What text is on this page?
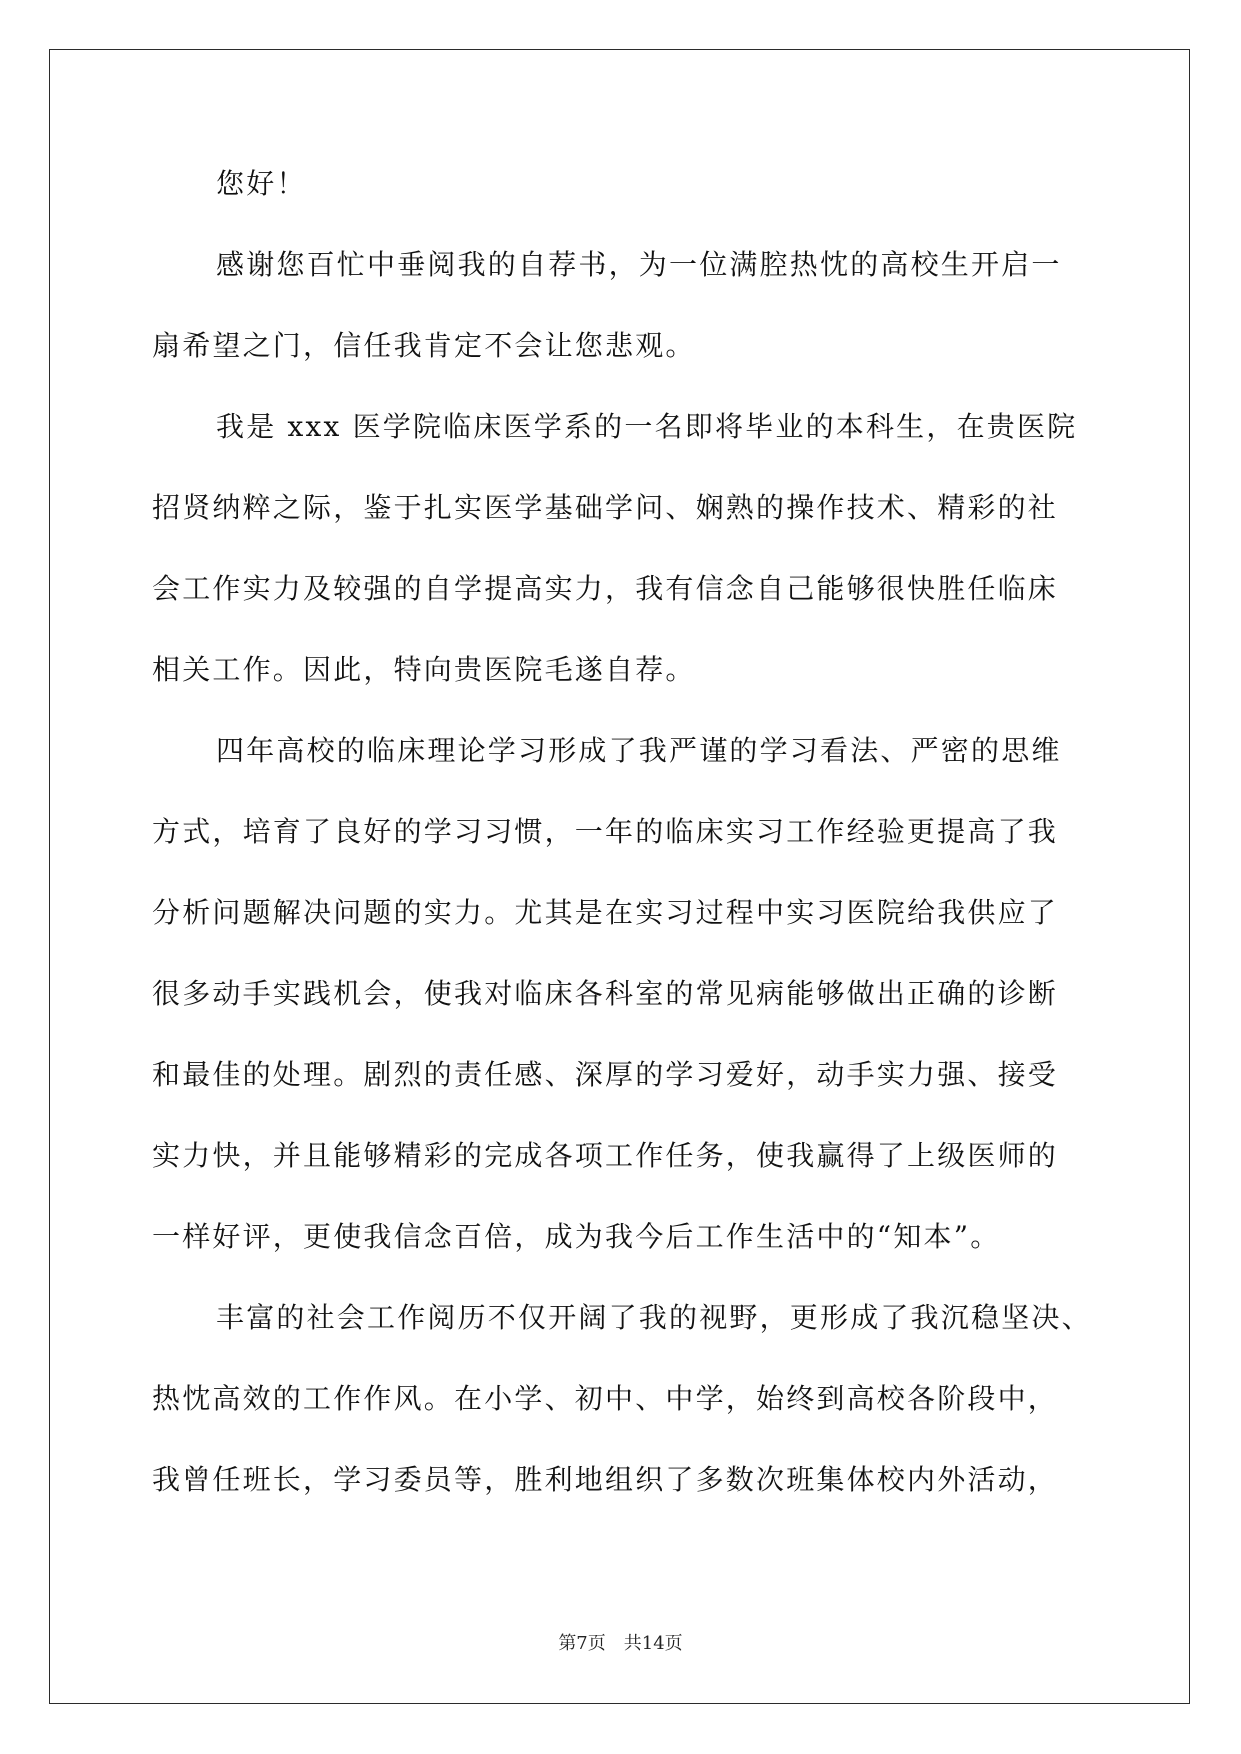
您好！
感谢您百忙中垂阅我的自荐书，为一位满腔热忱的高校生开启一
扇希望之门，信任我肯定不会让您悲观。
我是 xxx 医学院临床医学系的一名即将毕业的本科生，在贵医院
招贤纳粹之际，鉴于扎实医学基础学问、娴熟的操作技术、精彩的社
会工作实力及较强的自学提高实力，我有信念自己能够很快胜任临床
相关工作。因此，特向贵医院毛遂自荐。
四年高校的临床理论学习形成了我严谨的学习看法、严密的思维
方式，培育了良好的学习习惯，一年的临床实习工作经验更提高了我
分析问题解决问题的实力。尤其是在实习过程中实习医院给我供应了
很多动手实践机会，使我对临床各科室的常见病能够做出正确的诊断
和最佳的处理。剧烈的责任感、深厚的学习爱好，动手实力强、接受
实力快，并且能够精彩的完成各项工作任务，使我赢得了上级医师的
一样好评，更使我信念百倍，成为我今后工作生活中的“知本”。
丰富的社会工作阅历不仅开阔了我的视野，更形成了我沉稳坚决、
热忱高效的工作作风。在小学、初中、中学，始终到高校各阶段中，
我曾任班长，学习委员等，胜利地组织了多数次班集体校内外活动，
第7页 共14页
